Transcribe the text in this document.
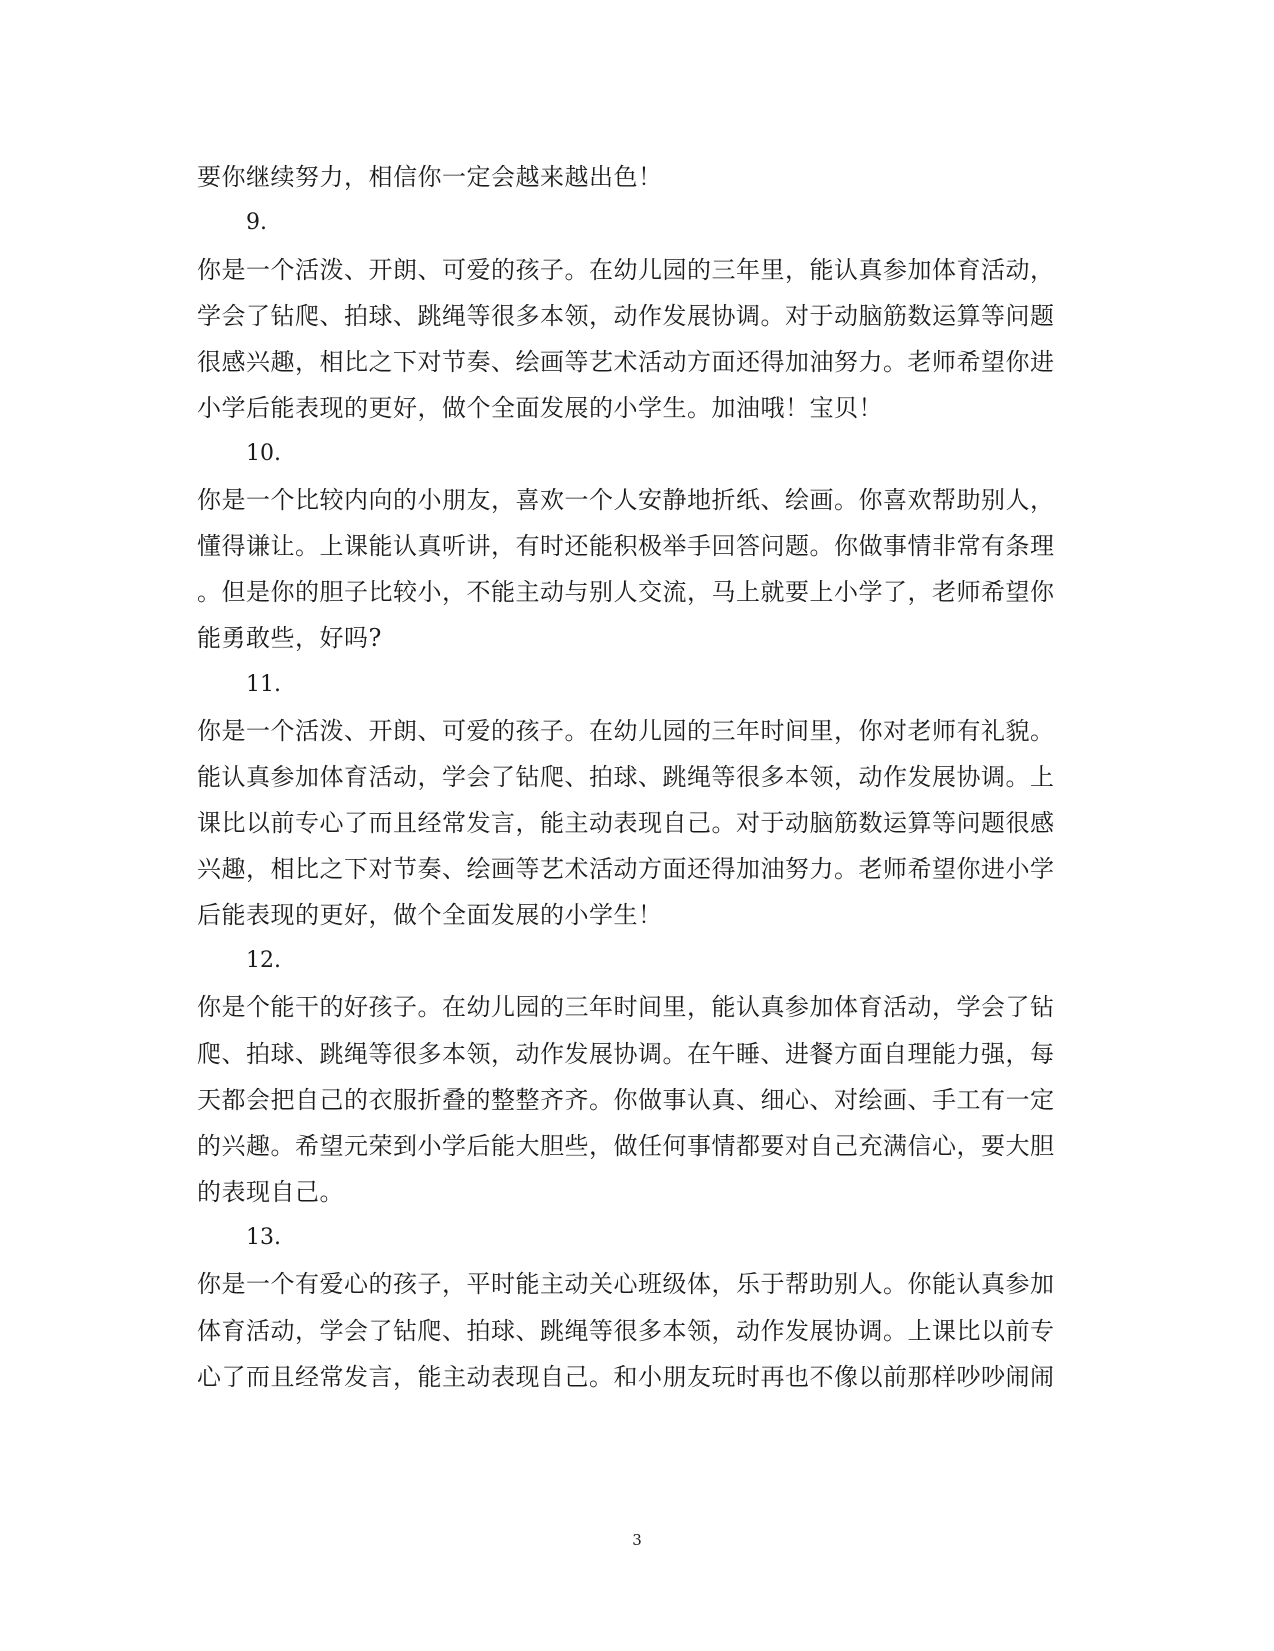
要你继续努力，相信你一定会越来越出色！
9.
你是一个活泼、开朗、可爱的孩子。在幼儿园的三年里，能认真参加体育活动，
学会了钻爬、拍球、跳绳等很多本领，动作发展协调。对于动脑筋数运算等问题
很感兴趣，相比之下对节奏、绘画等艺术活动方面还得加油努力。老师希望你进
小学后能表现的更好，做个全面发展的小学生。加油哦！宝贝！
10.
你是一个比较内向的小朋友，喜欢一个人安静地折纸、绘画。你喜欢帮助别人，
懂得谦让。上课能认真听讲，有时还能积极举手回答问题。你做事情非常有条理
。但是你的胆子比较小，不能主动与别人交流，马上就要上小学了，老师希望你
能勇敢些，好吗?
11.
你是一个活泼、开朗、可爱的孩子。在幼儿园的三年时间里，你对老师有礼貌。
能认真参加体育活动，学会了钻爬、拍球、跳绳等很多本领，动作发展协调。上
课比以前专心了而且经常发言，能主动表现自己。对于动脑筋数运算等问题很感
兴趣，相比之下对节奏、绘画等艺术活动方面还得加油努力。老师希望你进小学
后能表现的更好，做个全面发展的小学生！
12.
你是个能干的好孩子。在幼儿园的三年时间里，能认真参加体育活动，学会了钻
爬、拍球、跳绳等很多本领，动作发展协调。在午睡、进餐方面自理能力强，每
天都会把自己的衣服折叠的整整齐齐。你做事认真、细心、对绘画、手工有一定
的兴趣。希望元荣到小学后能大胆些，做任何事情都要对自己充满信心，要大胆
的表现自己。
13.
你是一个有爱心的孩子，平时能主动关心班级体，乐于帮助别人。你能认真参加
体育活动，学会了钻爬、拍球、跳绳等很多本领，动作发展协调。上课比以前专
心了而且经常发言，能主动表现自己。和小朋友玩时再也不像以前那样吵吵闹闹
3
